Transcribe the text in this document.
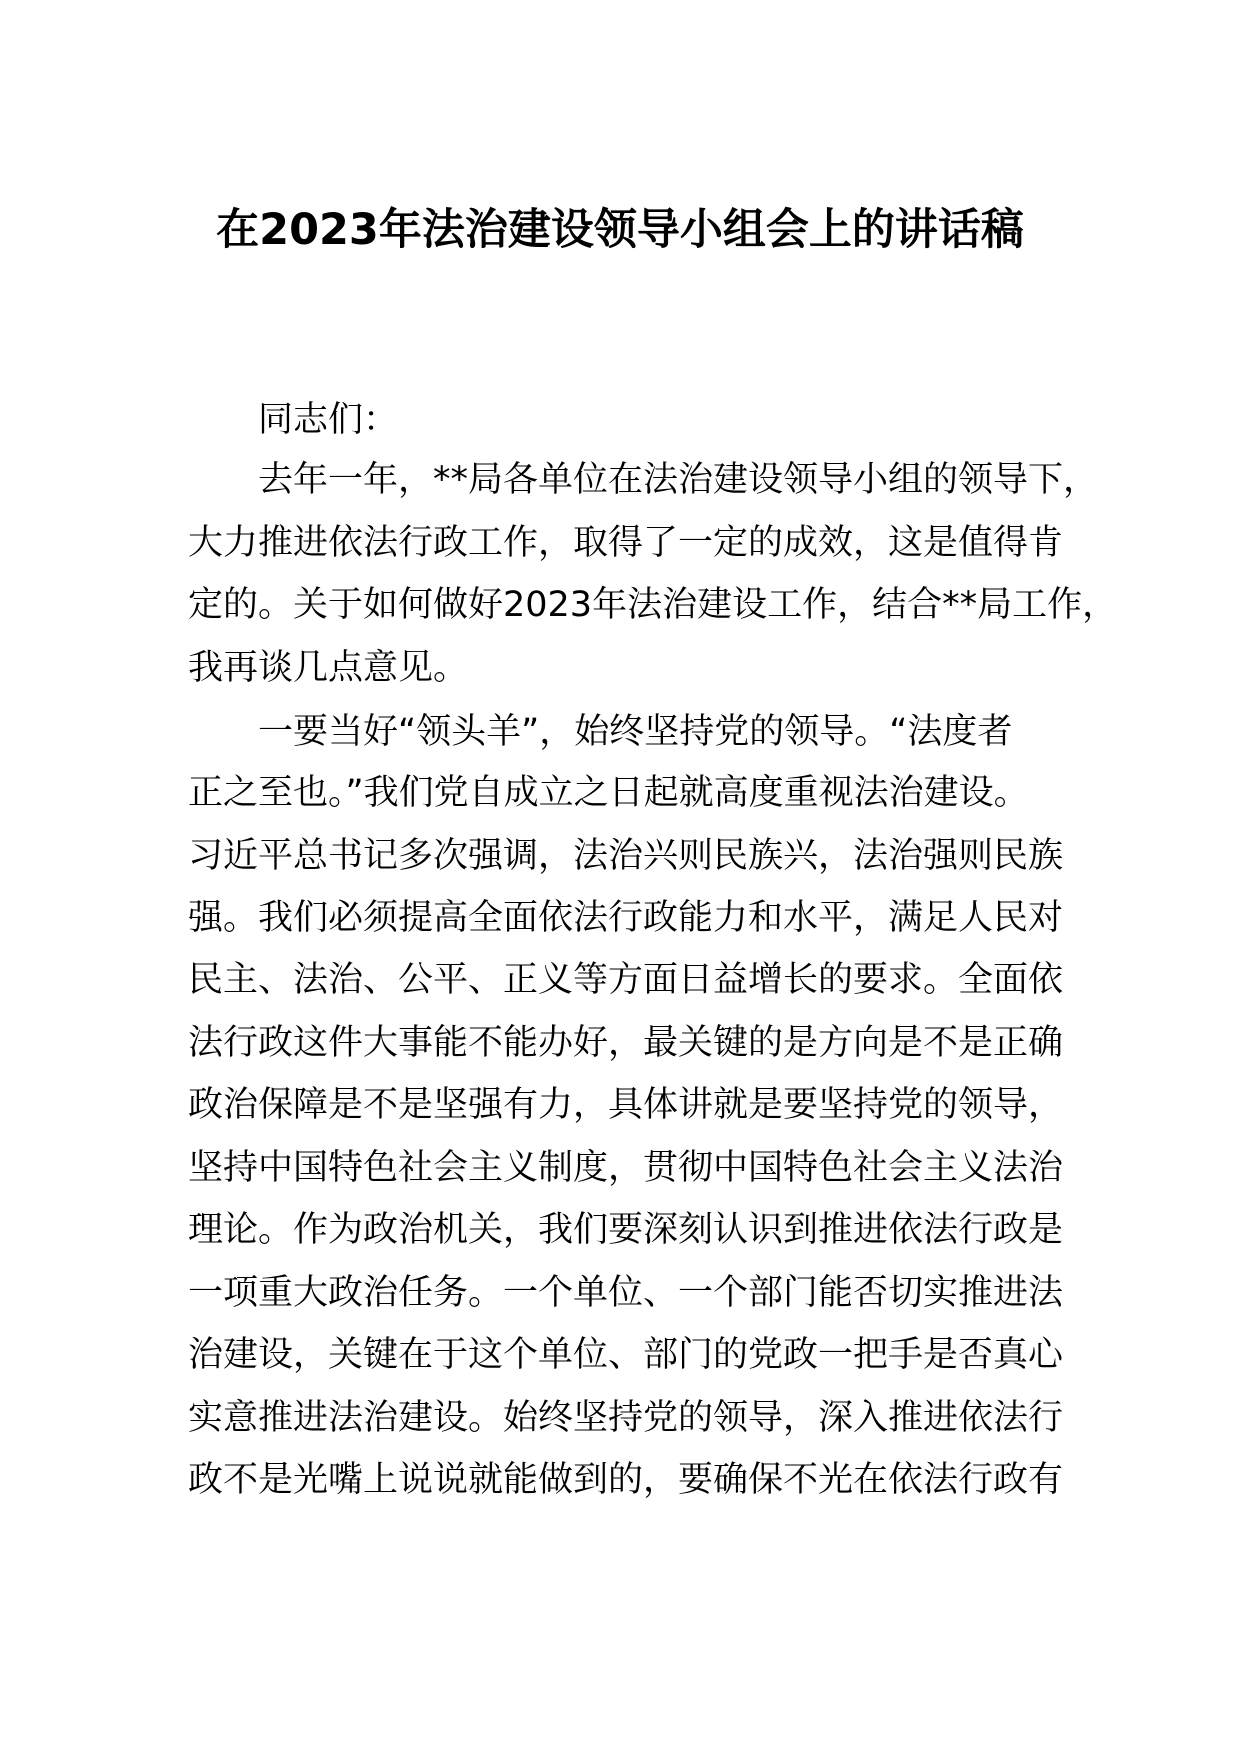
在2023年法治建设领导小组会上的讲话稿
同志们：
去年一年，**局各单位在法治建设领导小组的领导下，
大力推进依法行政工作，取得了一定的成效，这是值得肯
定的。关于如何做好2023年法治建设工作，结合**局工作，
我再谈几点意见。
一要当好“领头羊”，始终坚持党的领导。“法度者
正之至也。”我们党自成立之日起就高度重视法治建设。
习近平总书记多次强调，法治兴则民族兴，法治强则民族
强。我们必须提高全面依法行政能力和水平，满足人民对
民主、法治、公平、正义等方面日益增长的要求。全面依
法行政这件大事能不能办好，最关键的是方向是不是正确
政治保障是不是坚强有力，具体讲就是要坚持党的领导，
坚持中国特色社会主义制度，贯彻中国特色社会主义法治
理论。作为政治机关，我们要深刻认识到推进依法行政是
一项重大政治任务。一个单位、一个部门能否切实推进法
治建设，关键在于这个单位、部门的党政一把手是否真心
实意推进法治建设。始终坚持党的领导，深入推进依法行
政不是光嘴上说说就能做到的，要确保不光在依法行政有
